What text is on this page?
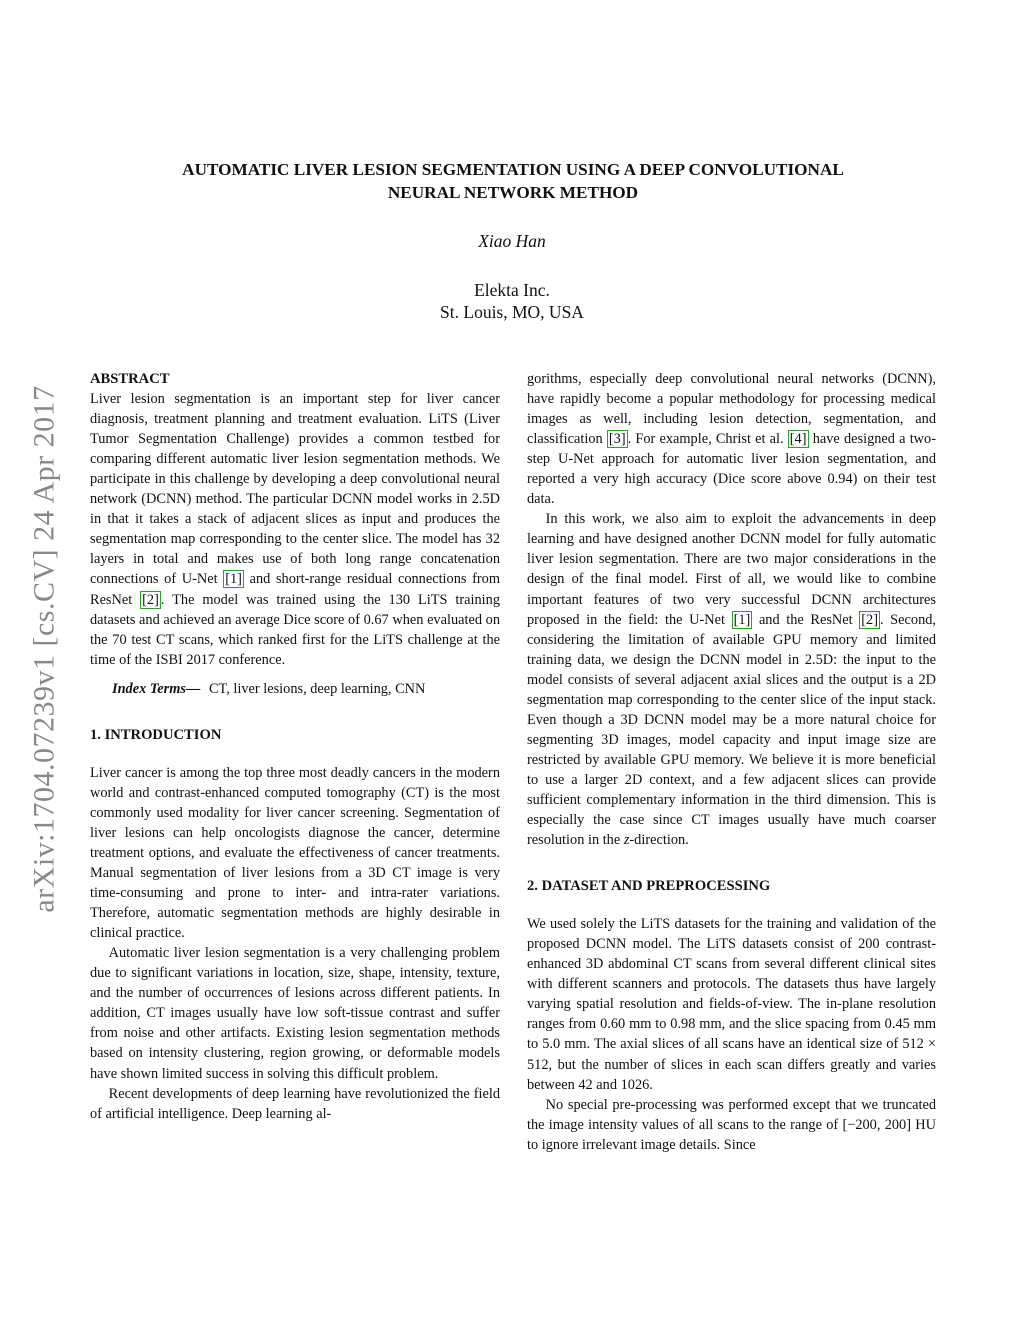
arXiv:1704.07239v1 [cs.CV] 24 Apr 2017
AUTOMATIC LIVER LESION SEGMENTATION USING A DEEP CONVOLUTIONAL
NEURAL NETWORK METHOD
Xiao Han
Elekta Inc.
St. Louis, MO, USA

ABSTRACT

Liver lesion segmentation is an important step for liver cancer diagnosis, treatment planning and treatment evaluation. LiTS (Liver Tumor Segmentation Challenge) provides a common testbed for comparing different automatic liver lesion segmentation methods. We participate in this challenge by developing a deep convolutional neural network (DCNN) method. The particular DCNN model works in 2.5D in that it takes a stack of adjacent slices as input and produces the segmentation map corresponding to the center slice. The model has 32 layers in total and makes use of both long range concatenation connections of U-Net [1] and short-range residual connections from ResNet [2] . The model was trained using the 130 LiTS training datasets and achieved an average Dice score of 0.67 when evaluated on the 70 test CT scans, which ranked first for the LiTS challenge at the time of the ISBI 2017 conference.

Index Terms— CT, liver lesions, deep learning, CNN

1. INTRODUCTION

Liver cancer is among the top three most deadly cancers in the modern world and contrast-enhanced computed tomography (CT) is the most commonly used modality for liver cancer screening. Segmentation of liver lesions can help oncologists diagnose the cancer, determine treatment options, and evaluate the effectiveness of cancer treatments. Manual segmentation of liver lesions from a 3D CT image is very time-consuming and prone to inter- and intra-rater variations. Therefore, automatic segmentation methods are highly desirable in clinical practice.

Automatic liver lesion segmentation is a very challenging problem due to significant variations in location, size, shape, intensity, texture, and the number of occurrences of lesions across different patients. In addition, CT images usually have low soft-tissue contrast and suffer from noise and other artifacts. Existing lesion segmentation methods based on intensity clustering, region growing, or deformable models have shown limited success in solving this difficult problem.

Recent developments of deep learning have revolutionized the field of artificial intelligence. Deep learning al-

gorithms, especially deep convolutional neural networks (DCNN), have rapidly become a popular methodology for processing medical images as well, including lesion detection, segmentation, and classification [3] . For example, Christ et al. [4] have designed a two-step U-Net approach for automatic liver lesion segmentation, and reported a very high accuracy (Dice score above 0.94) on their test data.

In this work, we also aim to exploit the advancements in deep learning and have designed another DCNN model for fully automatic liver lesion segmentation. There are two major considerations in the design of the final model. First of all, we would like to combine important features of two very successful DCNN architectures proposed in the field: the U-Net [1] and the ResNet [2] . Second, considering the limitation of available GPU memory and limited training data, we design the DCNN model in 2.5D: the input to the model consists of several adjacent axial slices and the output is a 2D segmentation map corresponding to the center slice of the input stack. Even though a 3D DCNN model may be a more natural choice for segmenting 3D images, model capacity and input image size are restricted by available GPU memory. We believe it is more beneficial to use a larger 2D context, and a few adjacent slices can provide sufficient complementary information in the third dimension. This is especially the case since CT images usually have much coarser resolution in the z-direction.

2. DATASET AND PREPROCESSING

We used solely the LiTS datasets for the training and validation of the proposed DCNN model. The LiTS datasets consist of 200 contrast-enhanced 3D abdominal CT scans from several different clinical sites with different scanners and protocols. The datasets thus have largely varying spatial resolution and fields-of-view. The in-plane resolution ranges from 0.60 mm to 0.98 mm, and the slice spacing from 0.45 mm to 5.0 mm. The axial slices of all scans have an identical size of 512 × 512, but the number of slices in each scan differs greatly and varies between 42 and 1026.

No special pre-processing was performed except that we truncated the image intensity values of all scans to the range of [−200, 200] HU to ignore irrelevant image details. Since
